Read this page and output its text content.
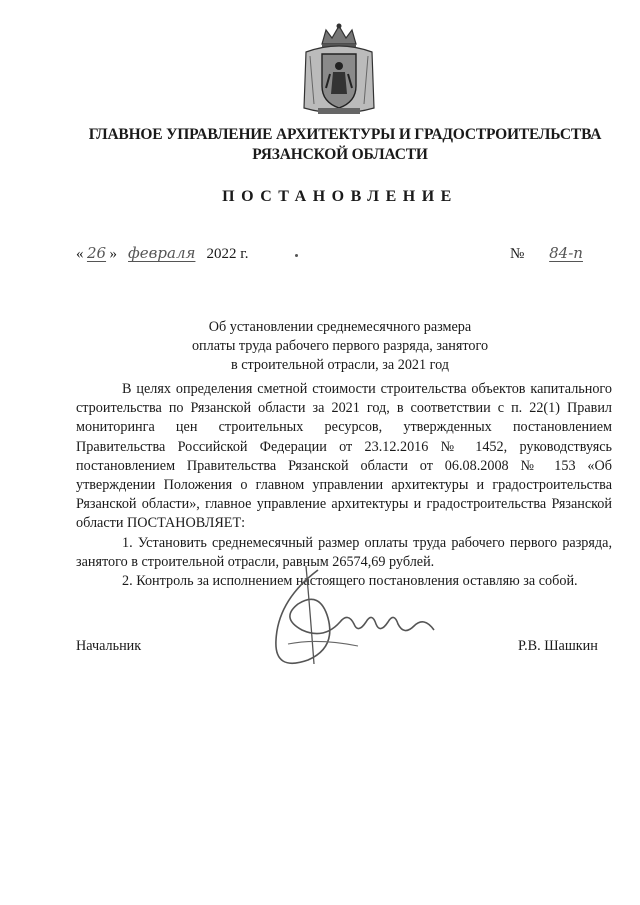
ГЛАВНОЕ УПРАВЛЕНИЕ АРХИТЕКТУРЫ И ГРАДОСТРОИТЕЛЬСТВА
РЯЗАНСКОЙ ОБЛАСТИ
ПОСТАНОВЛЕНИЕ
« 26 » февраля 2022 г.	№ 84-п
Об установлении среднемесячного размера
оплаты труда рабочего первого разряда, занятого
в строительной отрасли, за 2021 год

В целях определения сметной стоимости строительства объектов капитального строительства по Рязанской области за 2021 год, в соответствии с п. 22(1) Правил мониторинга цен строительных ресурсов, утвержденных постановлением Правительства Российской Федерации от 23.12.2016 № 1452, руководствуясь постановлением Правительства Рязанской области от 06.08.2008 № 153 «Об утверждении Положения о главном управлении архитектуры и градостроительства Рязанской области», главное управление архитектуры и градостроительства Рязанской области ПОСТАНОВЛЯЕТ:

1. Установить среднемесячный размер оплаты труда рабочего первого разряда, занятого в строительной отрасли, равным 26574,69 рублей.

2. Контроль за исполнением настоящего постановления оставляю за собой.

Начальник	Р.В. Шашкин
